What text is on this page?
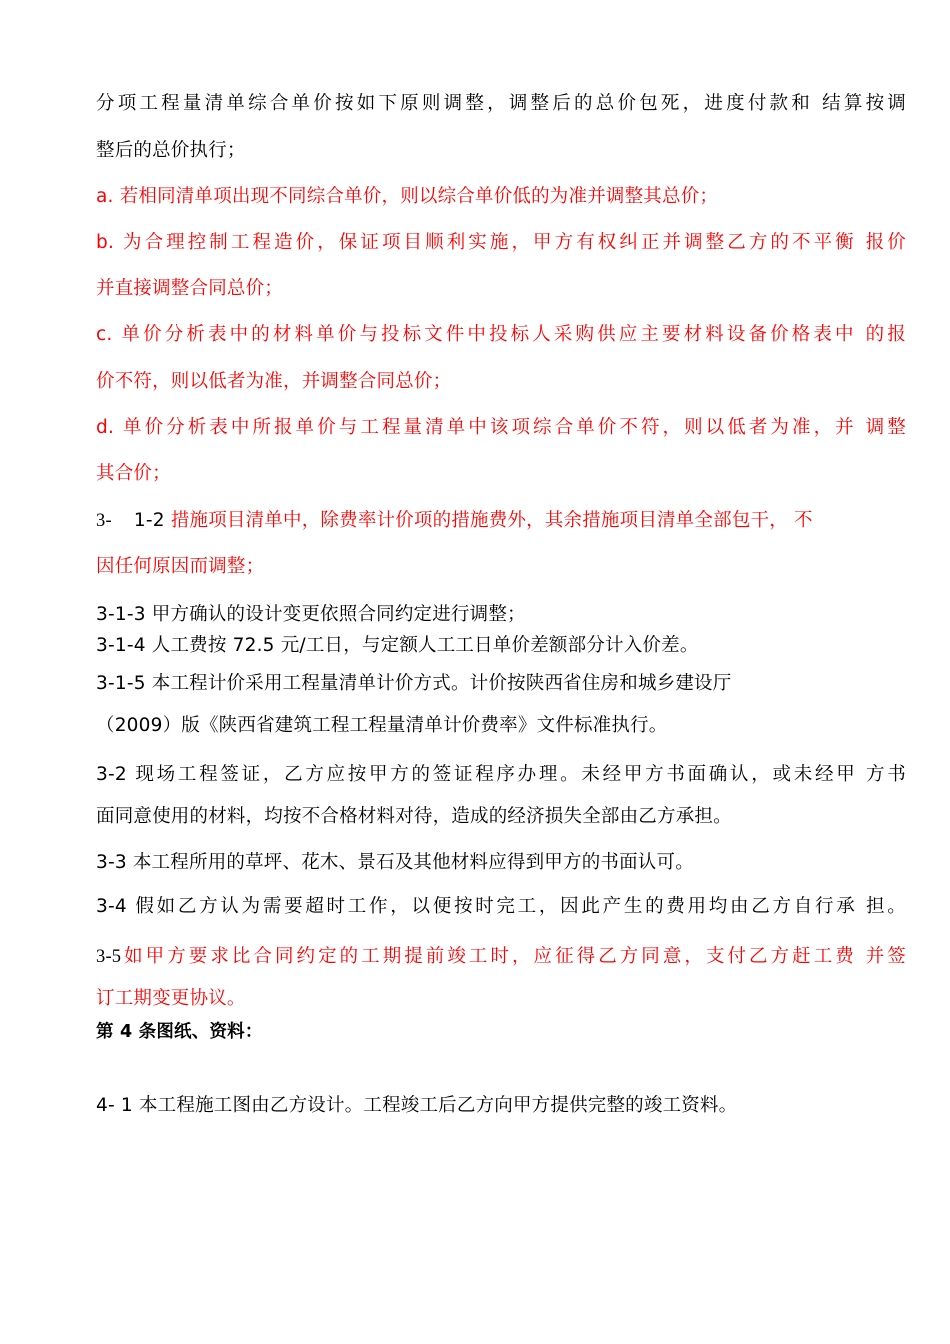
分项工程量清单综合单价按如下原则调整，调整后的总价包死，进度付款和 结算按调
整后的总价执行；
a. 若相同清单项出现不同综合单价，则以综合单价低的为准并调整其总价；
b. 为合理控制工程造价，保证项目顺利实施，甲方有权纠正并调整乙方的不平衡 报价
并直接调整合同总价；
c. 单价分析表中的材料单价与投标文件中投标人采购供应主要材料设备价格表中 的报
价不符，则以低者为准，并调整合同总价；
d. 单价分析表中所报单价与工程量清单中该项综合单价不符，则以低者为准，并 调整
其合价；
3- 1-2 措施项目清单中，除费率计价项的措施费外，其余措施项目清单全部包干， 不
因任何原因而调整；
3-1-3 甲方确认的设计变更依照合同约定进行调整；
3-1-4 人工费按 72.5 元/工日，与定额人工工日单价差额部分计入价差。
3-1-5 本工程计价采用工程量清单计价方式。计价按陕西省住房和城乡建设厅
（2009）版《陕西省建筑工程工程量清单计价费率》文件标准执行。
3-2 现场工程签证，乙方应按甲方的签证程序办理。未经甲方书面确认，或未经甲 方书
面同意使用的材料，均按不合格材料对待，造成的经济损失全部由乙方承担。
3-3 本工程所用的草坪、花木、景石及其他材料应得到甲方的书面认可。
3-4 假如乙方认为需要超时工作，以便按时完工，因此产生的费用均由乙方自行承 担。
3-5如甲方要求比合同约定的工期提前竣工时，应征得乙方同意，支付乙方赶工费 并签
订工期变更协议。
第 4 条图纸、资料：
4- 1 本工程施工图由乙方设计。工程竣工后乙方向甲方提供完整的竣工资料。
